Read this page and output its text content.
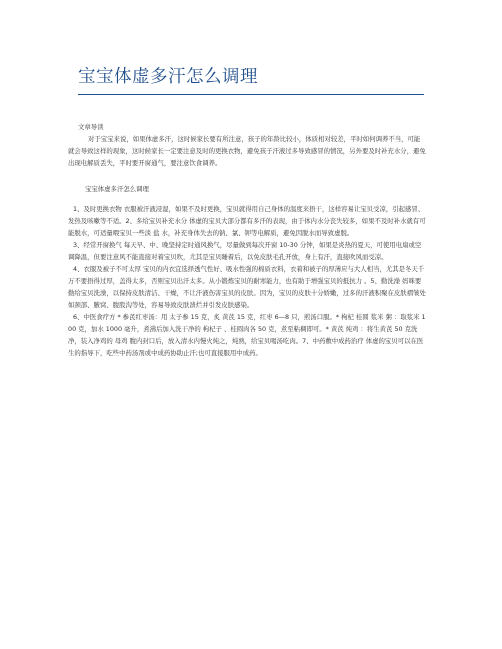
宝宝体虚多汗怎么调理

文章导读

对于宝宝来说，如果体虚多汗，这时候家长要有所注意，孩子的年龄比较小，体质相对较差，平时如何调养不当，可能就会导致这样的现象，这时候家长一定要注意及时的更换衣物，避免孩子汗液过多导致感冒的情况，另外要及时补充水分，避免出现电解质丢失，平时要开窗通气，要注意饮食调养。

宝宝体虚多汗怎么调理

1、及时更换衣物 衣服被汗液浸湿，如果不及时更换，宝贝就得用自己身体的温度来捂干，这样容易让宝贝受凉，引起感冒、发热及咳嗽等不适。2、多给宝贝补充水分 体虚的宝贝大部分都有多汗的表现，由于体内水分丧失较多，如果不及时补水就有可能脱水，可适量喂宝贝一些淡 盐 水，补充身体失去的钠、氯、钾等电解质，避免因脱水而导致虚脱。

3、经常开窗换气 每天早、中、晚坚持定时通风换气，尽量做到每次开窗 10-30 分钟，如果是炎热的夏天，可使用电扇或空调降温，但要注意风不能直接对着宝贝吹，尤其是宝贝睡着后，以免皮肤毛孔开放，身上有汗，直接吹风而受凉。

4、衣服及被子不可太厚 宝贝的内衣宜选择透气性好、吸水性强的棉质衣料，衣着和被子的厚薄应与大人相当，尤其是冬天千万不要捂得过厚，盖得太多，否则宝贝出汗太多。从小锻炼宝贝的耐寒能力，也有助于增强宝贝的抵抗力 。5、勤洗澡 妈咪要勤给宝贝洗澡，以保持皮肤清洁、干燥，不让汗液伤害宝贝的皮肤。因为，宝贝的皮肤十分娇嫩，过多的汗液积聚在皮肤褶皱处如颈部、腋窝、腹股沟等处，容易导致皮肤溃烂并引发皮肤感染。

6、中医食疗方 * 参芪红枣汤：用 太子参 15 克，炙 黄芪 15 克，红枣 6—8 只，煎汤口服。* 枸杞 桂圆 浆米 粥 ：取浆米 100 克，加水 1000 毫升，煮沸后加入洗干净的 枸杞子 、桂圆肉各 50 克，煮至粘稠即可。* 黄芪 炖鸡 ：将生黄芪 50 克洗净，装入净鸡的 母鸡 腹内封口后，放入清水内慢火炖之，炖熟，给宝贝喝汤吃肉。7、中药敷中成药治疗 体虚的宝贝可以在医生的指导下，吃些中药汤剂或中成药协助止汗;也可直接服用中成药。
